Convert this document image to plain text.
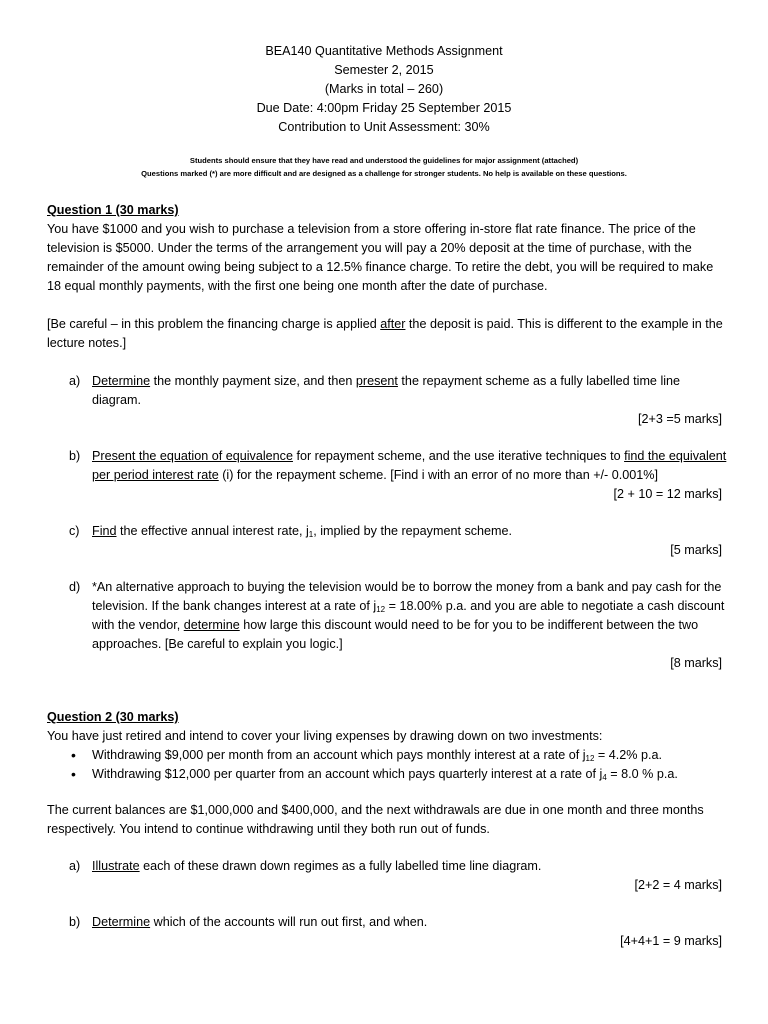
BEA140 Quantitative Methods Assignment
Semester 2, 2015
(Marks in total – 260)
Due Date: 4:00pm Friday 25 September 2015
Contribution to Unit Assessment: 30%

Students should ensure that they have read and understood the guidelines for major assignment (attached)

Questions marked (*) are more difficult and are designed as a challenge for stronger students. No help is available on these questions.

Question 1 (30 marks)

You have $1000 and you wish to purchase a television from a store offering in-store flat rate finance. The price of the television is $5000. Under the terms of the arrangement you will pay a 20% deposit at the time of purchase, with the remainder of the amount owing being subject to a 12.5% finance charge. To retire the debt, you will be required to make 18 equal monthly payments, with the first one being one month after the date of purchase.

[Be careful – in this problem the financing charge is applied after the deposit is paid. This is different to the example in the lecture notes.]

a) Determine the monthly payment size, and then present the repayment scheme as a fully labelled time line diagram.
[2+3 =5 marks]
b) Present the equation of equivalence for repayment scheme, and the use iterative techniques to find the equivalent per period interest rate (i) for the repayment scheme. [Find i with an error of no more than +/- 0.001%]
[2 + 10 = 12 marks]
c) Find the effective annual interest rate, $j_1$, implied by the repayment scheme.
[5 marks]
d) *An alternative approach to buying the television would be to borrow the money from a bank and pay cash for the television. If the bank changes interest at a rate of $j_{12} = 18.00\%$ p.a. and you are able to negotiate a cash discount with the vendor, determine how large this discount would need to be for you to be indifferent between the two approaches. [Be careful to explain you logic.]
[8 marks]
Question 2 (30 marks)

You have just retired and intend to cover your living expenses by drawing down on two investments:

• Withdrawing $9,000 per month from an account which pays monthly interest at a rate of $j_{12} = 4.2\%$ p.a.
• Withdrawing $12,000 per quarter from an account which pays quarterly interest at a rate of $j_4 = 8.0$ % p.a.

The current balances are $1,000,000 and $400,000, and the next withdrawals are due in one month and three months respectively. You intend to continue withdrawing until they both run out of funds.

a) Illustrate each of these drawn down regimes as a fully labelled time line diagram.
[2+2 = 4 marks]
b) Determine which of the accounts will run out first, and when.
[4+4+1 = 9 marks]
